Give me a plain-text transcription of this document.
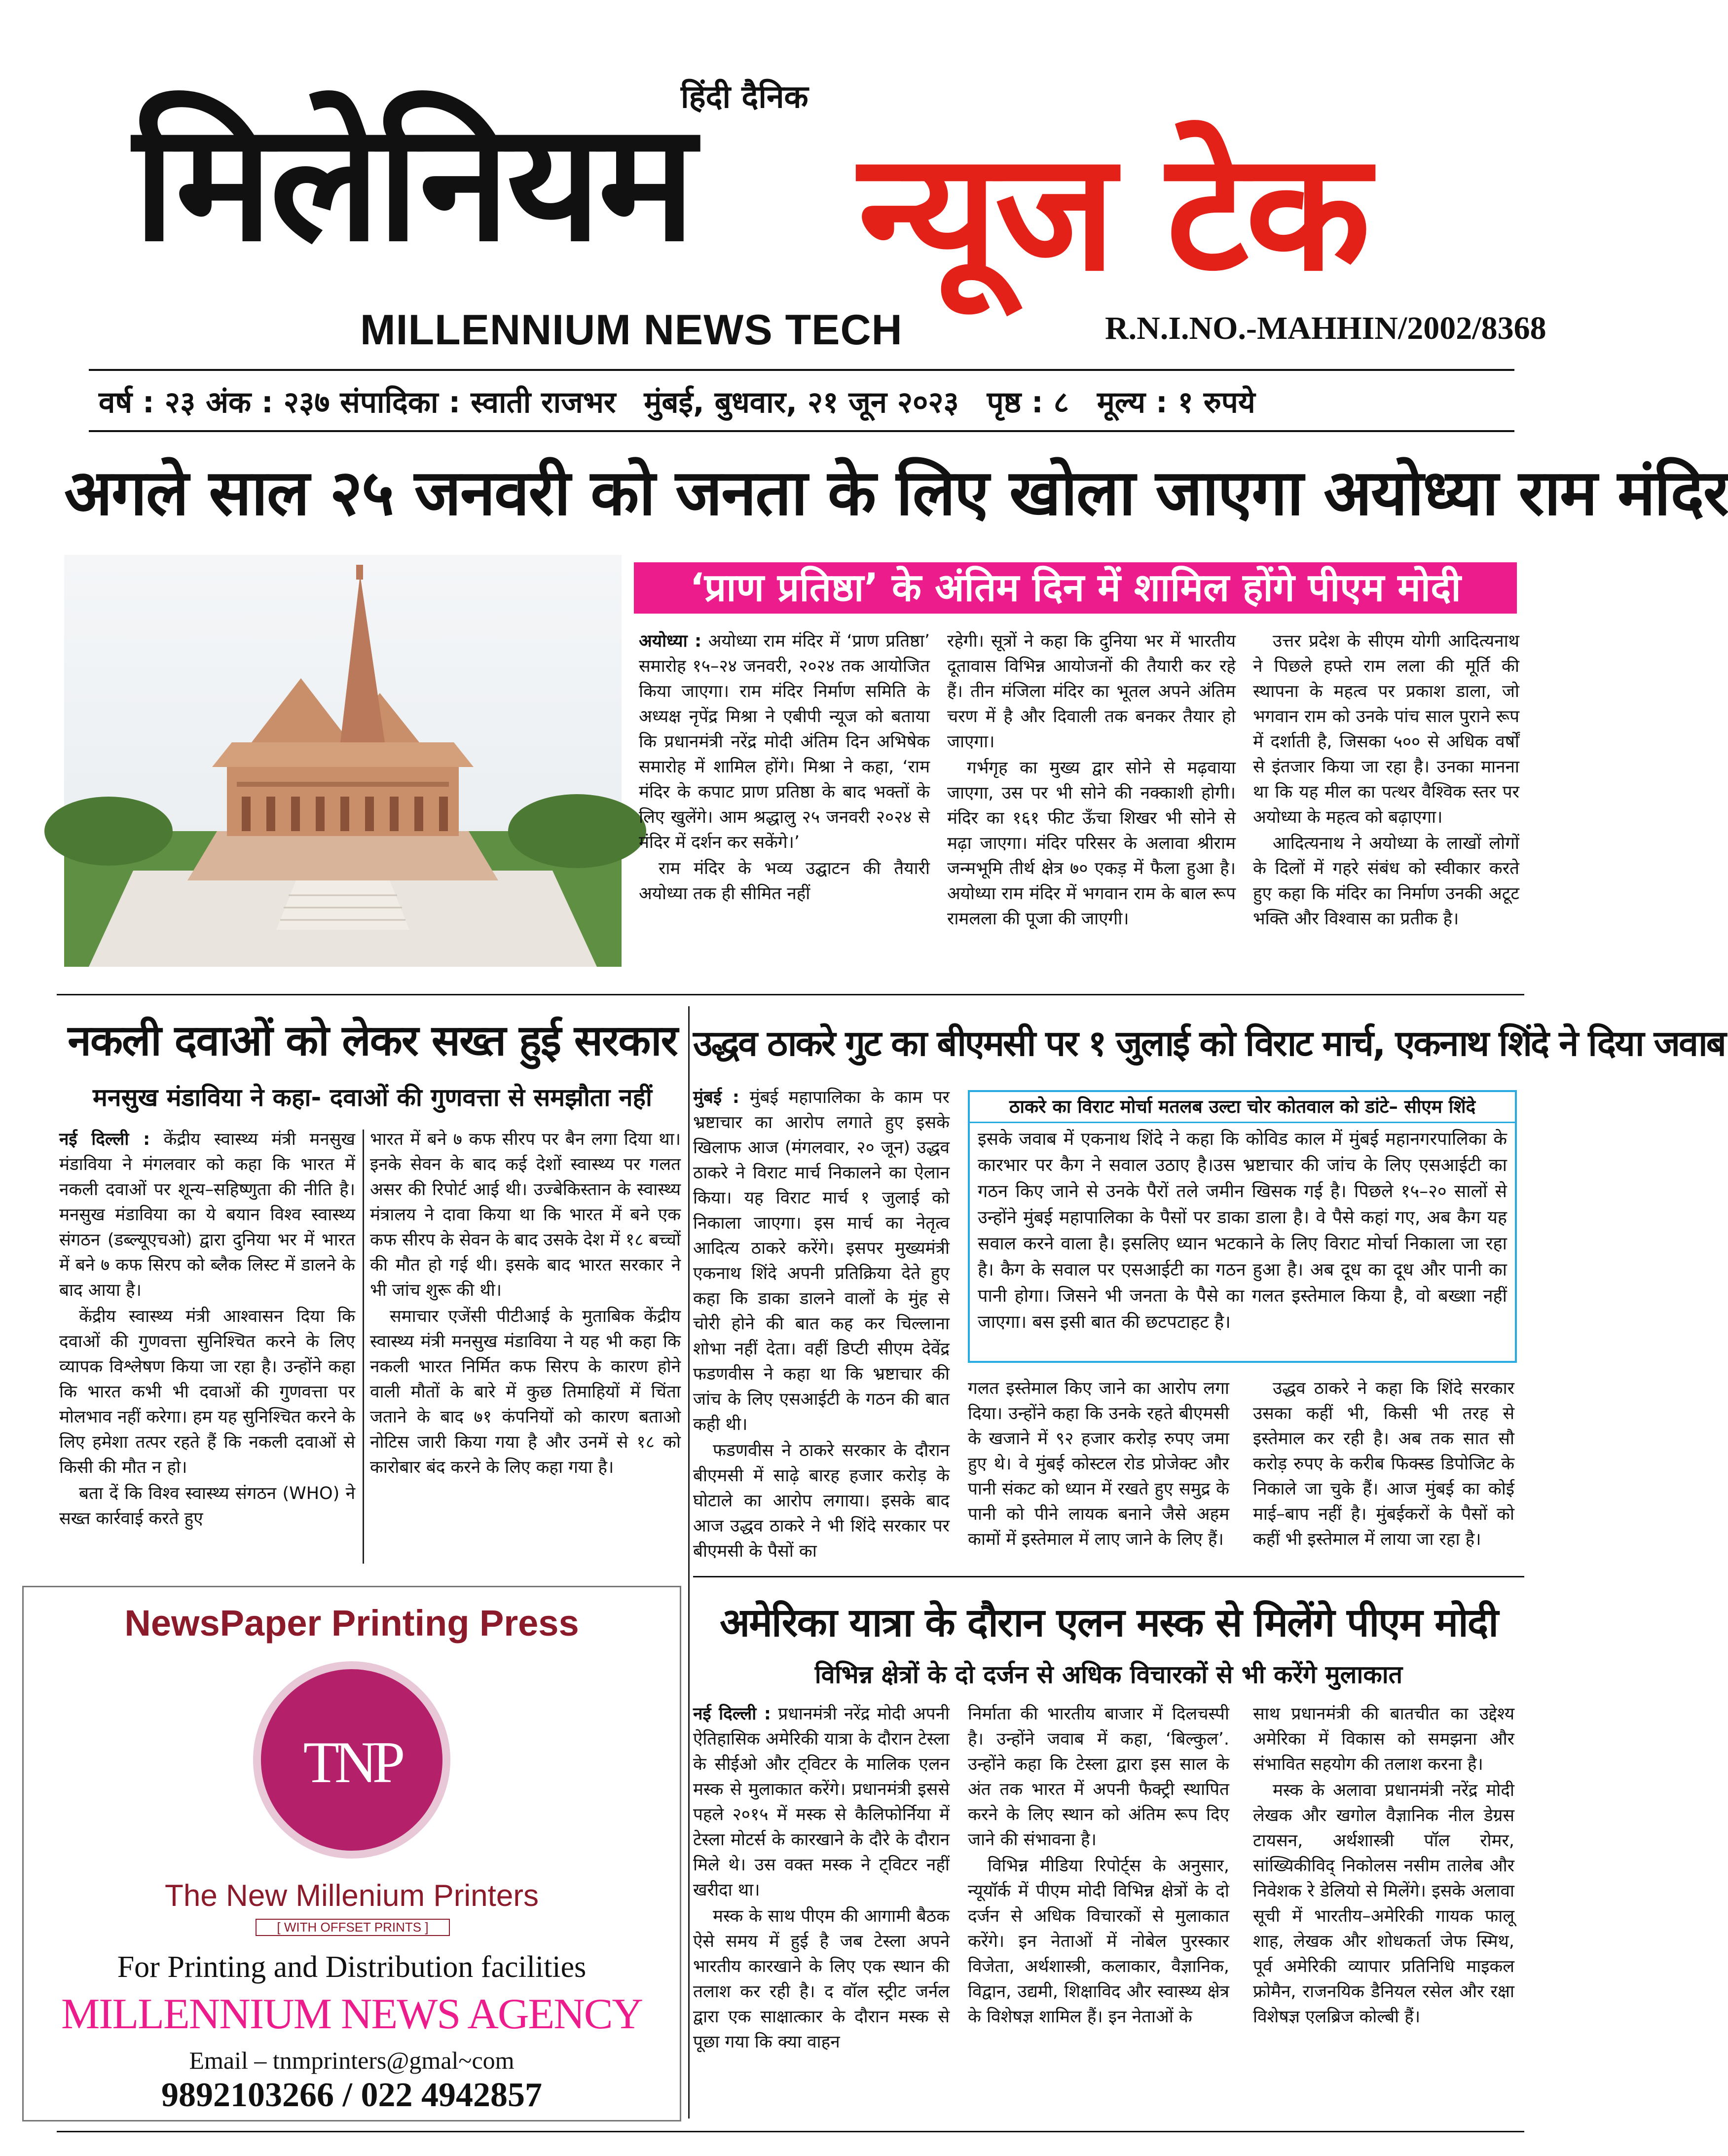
हिंदी दैनिक
मिलेनियम	न्यूज टेक
MILLENNIUM NEWS TECH	R.N.I.NO.-MAHHIN/2002/8368
वर्ष : २३ अंक : २३७ संपादिका : स्वाती राजभर मुंबई, बुधवार, २१ जून २०२३ पृष्ठ : ८ मूल्य : १ रुपये
अगले साल २५ जनवरी को जनता के लिए खोला जाएगा अयोध्या राम मंदिर
‘प्राण प्रतिष्ठा’ के अंतिम दिन में शामिल होंगे पीएम मोदी

अयोध्या : अयोध्या राम मंदिर में ‘प्राण प्रतिष्ठा’ समारोह १५–२४ जनवरी, २०२४ तक आयोजित किया जाएगा। राम मंदिर निर्माण समिति के अध्यक्ष नृपेंद्र मिश्रा ने एबीपी न्यूज को बताया कि प्रधानमंत्री नरेंद्र मोदी अंतिम दिन अभिषेक समारोह में शामिल होंगे। मिश्रा ने कहा, ‘राम मंदिर के कपाट प्राण प्रतिष्ठा के बाद भक्तों के लिए खुलेंगे। आम श्रद्धालु २५ जनवरी २०२४ से मंदिर में दर्शन कर सकेंगे।’

राम मंदिर के भव्य उद्घाटन की तैयारी अयोध्या तक ही सीमित नहीं

रहेगी। सूत्रों ने कहा कि दुनिया भर में भारतीय दूतावास विभिन्न आयोजनों की तैयारी कर रहे हैं। तीन मंजिला मंदिर का भूतल अपने अंतिम चरण में है और दिवाली तक बनकर तैयार हो जाएगा।

गर्भगृह का मुख्य द्वार सोने से मढ़वाया जाएगा, उस पर भी सोने की नक्काशी होगी। मंदिर का १६१ फीट ऊँचा शिखर भी सोने से मढ़ा जाएगा। मंदिर परिसर के अलावा श्रीराम जन्मभूमि तीर्थ क्षेत्र ७० एकड़ में फैला हुआ है। अयोध्या राम मंदिर में भगवान राम के बाल रूप रामलला की पूजा की जाएगी।

उत्तर प्रदेश के सीएम योगी आदित्यनाथ ने पिछले हफ्ते राम लला की मूर्ति की स्थापना के महत्व पर प्रकाश डाला, जो भगवान राम को उनके पांच साल पुराने रूप में दर्शाती है, जिसका ५०० से अधिक वर्षों से इंतजार किया जा रहा है। उनका मानना था कि यह मील का पत्थर वैश्विक स्तर पर अयोध्या के महत्व को बढ़ाएगा।

आदित्यनाथ ने अयोध्या के लाखों लोगों के दिलों में गहरे संबंध को स्वीकार करते हुए कहा कि मंदिर का निर्माण उनकी अटूट भक्ति और विश्वास का प्रतीक है।

नकली दवाओं को लेकर सख्त हुई सरकार
मनसुख मंडाविया ने कहा- दवाओं की गुणवत्ता से समझौता नहीं

नई दिल्ली : केंद्रीय स्वास्थ्य मंत्री मनसुख मंडाविया ने मंगलवार को कहा कि भारत में नकली दवाओं पर शून्य–सहिष्णुता की नीति है। मनसुख मंडाविया का ये बयान विश्व स्वास्थ्य संगठन (डब्ल्यूएचओ) द्वारा दुनिया भर में भारत में बने ७ कफ सिरप को ब्लैक लिस्ट में डालने के बाद आया है।

केंद्रीय स्वास्थ्य मंत्री आश्वासन दिया कि दवाओं की गुणवत्ता सुनिश्चित करने के लिए व्यापक विश्लेषण किया जा रहा है। उन्होंने कहा कि भारत कभी भी दवाओं की गुणवत्ता पर मोलभाव नहीं करेगा। हम यह सुनिश्चित करने के लिए हमेशा तत्पर रहते हैं कि नकली दवाओं से किसी की मौत न हो।

बता दें कि विश्व स्वास्थ्य संगठन (WHO) ने सख्त कार्रवाई करते हुए

भारत में बने ७ कफ सीरप पर बैन लगा दिया था। इनके सेवन के बाद कई देशों स्वास्थ्य पर गलत असर की रिपोर्ट आई थी। उज्बेकिस्तान के स्वास्थ्य मंत्रालय ने दावा किया था कि भारत में बने एक कफ सीरप के सेवन के बाद उसके देश में १८ बच्चों की मौत हो गई थी। इसके बाद भारत सरकार ने भी जांच शुरू की थी।

समाचार एजेंसी पीटीआई के मुताबिक केंद्रीय स्वास्थ्य मंत्री मनसुख मंडाविया ने यह भी कहा कि नकली भारत निर्मित कफ सिरप के कारण होने वाली मौतों के बारे में कुछ तिमाहियों में चिंता जताने के बाद ७१ कंपनियों को कारण बताओ नोटिस जारी किया गया है और उनमें से १८ को कारोबार बंद करने के लिए कहा गया है।

उद्धव ठाकरे गुट का बीएमसी पर १ जुलाई को विराट मार्च, एकनाथ शिंदे ने दिया जवाब

मुंबई : मुंबई महापालिका के काम पर भ्रष्टाचार का आरोप लगाते हुए इसके खिलाफ आज (मंगलवार, २० जून) उद्धव ठाकरे ने विराट मार्च निकालने का ऐलान किया। यह विराट मार्च १ जुलाई को निकाला जाएगा। इस मार्च का नेतृत्व आदित्य ठाकरे करेंगे। इसपर मुख्यमंत्री एकनाथ शिंदे अपनी प्रतिक्रिया देते हुए कहा कि डाका डालने वालों के मुंह से चोरी होने की बात कह कर चिल्लाना शोभा नहीं देता। वहीं डिप्टी सीएम देवेंद्र फडणवीस ने कहा था कि भ्रष्टाचार की जांच के लिए एसआईटी के गठन की बात कही थी।

फडणवीस ने ठाकरे सरकार के दौरान बीएमसी में साढ़े बारह हजार करोड़ के घोटाले का आरोप लगाया। इसके बाद आज उद्धव ठाकरे ने भी शिंदे सरकार पर बीएमसी के पैसों का

ठाकरे का विराट मोर्चा मतलब उल्टा चोर कोतवाल को डांटे– सीएम शिंदे
इसके जवाब में एकनाथ शिंदे ने कहा कि कोविड काल में मुंबई महानगरपालिका के कारभार पर कैग ने सवाल उठाए है।उस भ्रष्टाचार की जांच के लिए एसआईटी का गठन किए जाने से उनके पैरों तले जमीन खिसक गई है। पिछले १५–२० सालों से उन्होंने मुंबई महापालिका के पैसों पर डाका डाला है। वे पैसे कहां गए, अब कैग यह सवाल करने वाला है। इसलिए ध्यान भटकाने के लिए विराट मोर्चा निकाला जा रहा है। कैग के सवाल पर एसआईटी का गठन हुआ है। अब दूध का दूध और पानी का पानी होगा। जिसने भी जनता के पैसे का गलत इस्तेमाल किया है, वो बख्शा नहीं जाएगा। बस इसी बात की छटपटाहट है।

गलत इस्तेमाल किए जाने का आरोप लगा दिया। उन्होंने कहा कि उनके रहते बीएमसी के खजाने में ९२ हजार करोड़ रुपए जमा हुए थे। वे मुंबई कोस्टल रोड प्रोजेक्ट और पानी संकट को ध्यान में रखते हुए समुद्र के पानी को पीने लायक बनाने जैसे अहम कामों में इस्तेमाल में लाए जाने के लिए हैं।

उद्धव ठाकरे ने कहा कि शिंदे सरकार उसका कहीं भी, किसी भी तरह से इस्तेमाल कर रही है। अब तक सात सौ करोड़ रुपए के करीब फिक्स्ड डिपोजिट के निकाले जा चुके हैं। आज मुंबई का कोई माई–बाप नहीं है। मुंबईकरों के पैसों को कहीं भी इस्तेमाल में लाया जा रहा है।

NewsPaper Printing Press
TNP
The New Millenium Printers
[ WITH OFFSET PRINTS ]
For Printing and Distribution facilities
MILLENNIUM NEWS AGENCY
Email – tnmprinters@gmal~com
9892103266 / 022 4942857
अमेरिका यात्रा के दौरान एलन मस्क से मिलेंगे पीएम मोदी
विभिन्न क्षेत्रों के दो दर्जन से अधिक विचारकों से भी करेंगे मुलाकात

नई दिल्ली : प्रधानमंत्री नरेंद्र मोदी अपनी ऐतिहासिक अमेरिकी यात्रा के दौरान टेस्ला के सीईओ और ट्विटर के मालिक एलन मस्क से मुलाकात करेंगे। प्रधानमंत्री इससे पहले २०१५ में मस्क से कैलिफोर्निया में टेस्ला मोटर्स के कारखाने के दौरे के दौरान मिले थे। उस वक्त मस्क ने ट्विटर नहीं खरीदा था।

मस्क के साथ पीएम की आगामी बैठक ऐसे समय में हुई है जब टेस्ला अपने भारतीय कारखाने के लिए एक स्थान की तलाश कर रही है। द वॉल स्ट्रीट जर्नल द्वारा एक साक्षात्कार के दौरान मस्क से पूछा गया कि क्या वाहन

निर्माता की भारतीय बाजार में दिलचस्पी है। उन्होंने जवाब में कहा, ‘बिल्कुल’. उन्होंने कहा कि टेस्ला द्वारा इस साल के अंत तक भारत में अपनी फैक्ट्री स्थापित करने के लिए स्थान को अंतिम रूप दिए जाने की संभावना है।

विभिन्न मीडिया रिपोर्ट्स के अनुसार, न्यूयॉर्क में पीएम मोदी विभिन्न क्षेत्रों के दो दर्जन से अधिक विचारकों से मुलाकात करेंगे। इन नेताओं में नोबेल पुरस्कार विजेता, अर्थशास्त्री, कलाकार, वैज्ञानिक, विद्वान, उद्यमी, शिक्षाविद और स्वास्थ्य क्षेत्र के विशेषज्ञ शामिल हैं। इन नेताओं के

साथ प्रधानमंत्री की बातचीत का उद्देश्य अमेरिका में विकास को समझना और संभावित सहयोग की तलाश करना है।

मस्क के अलावा प्रधानमंत्री नरेंद्र मोदी लेखक और खगोल वैज्ञानिक नील डेग्रस टायसन, अर्थशास्त्री पॉल रोमर, सांख्यिकीविद् निकोलस नसीम तालेब और निवेशक रे डेलियो से मिलेंगे। इसके अलावा सूची में भारतीय–अमेरिकी गायक फालू शाह, लेखक और शोधकर्ता जेफ स्मिथ, पूर्व अमेरिकी व्यापार प्रतिनिधि माइकल फ्रोमैन, राजनयिक डैनियल रसेल और रक्षा विशेषज्ञ एलब्रिज कोल्बी हैं।
